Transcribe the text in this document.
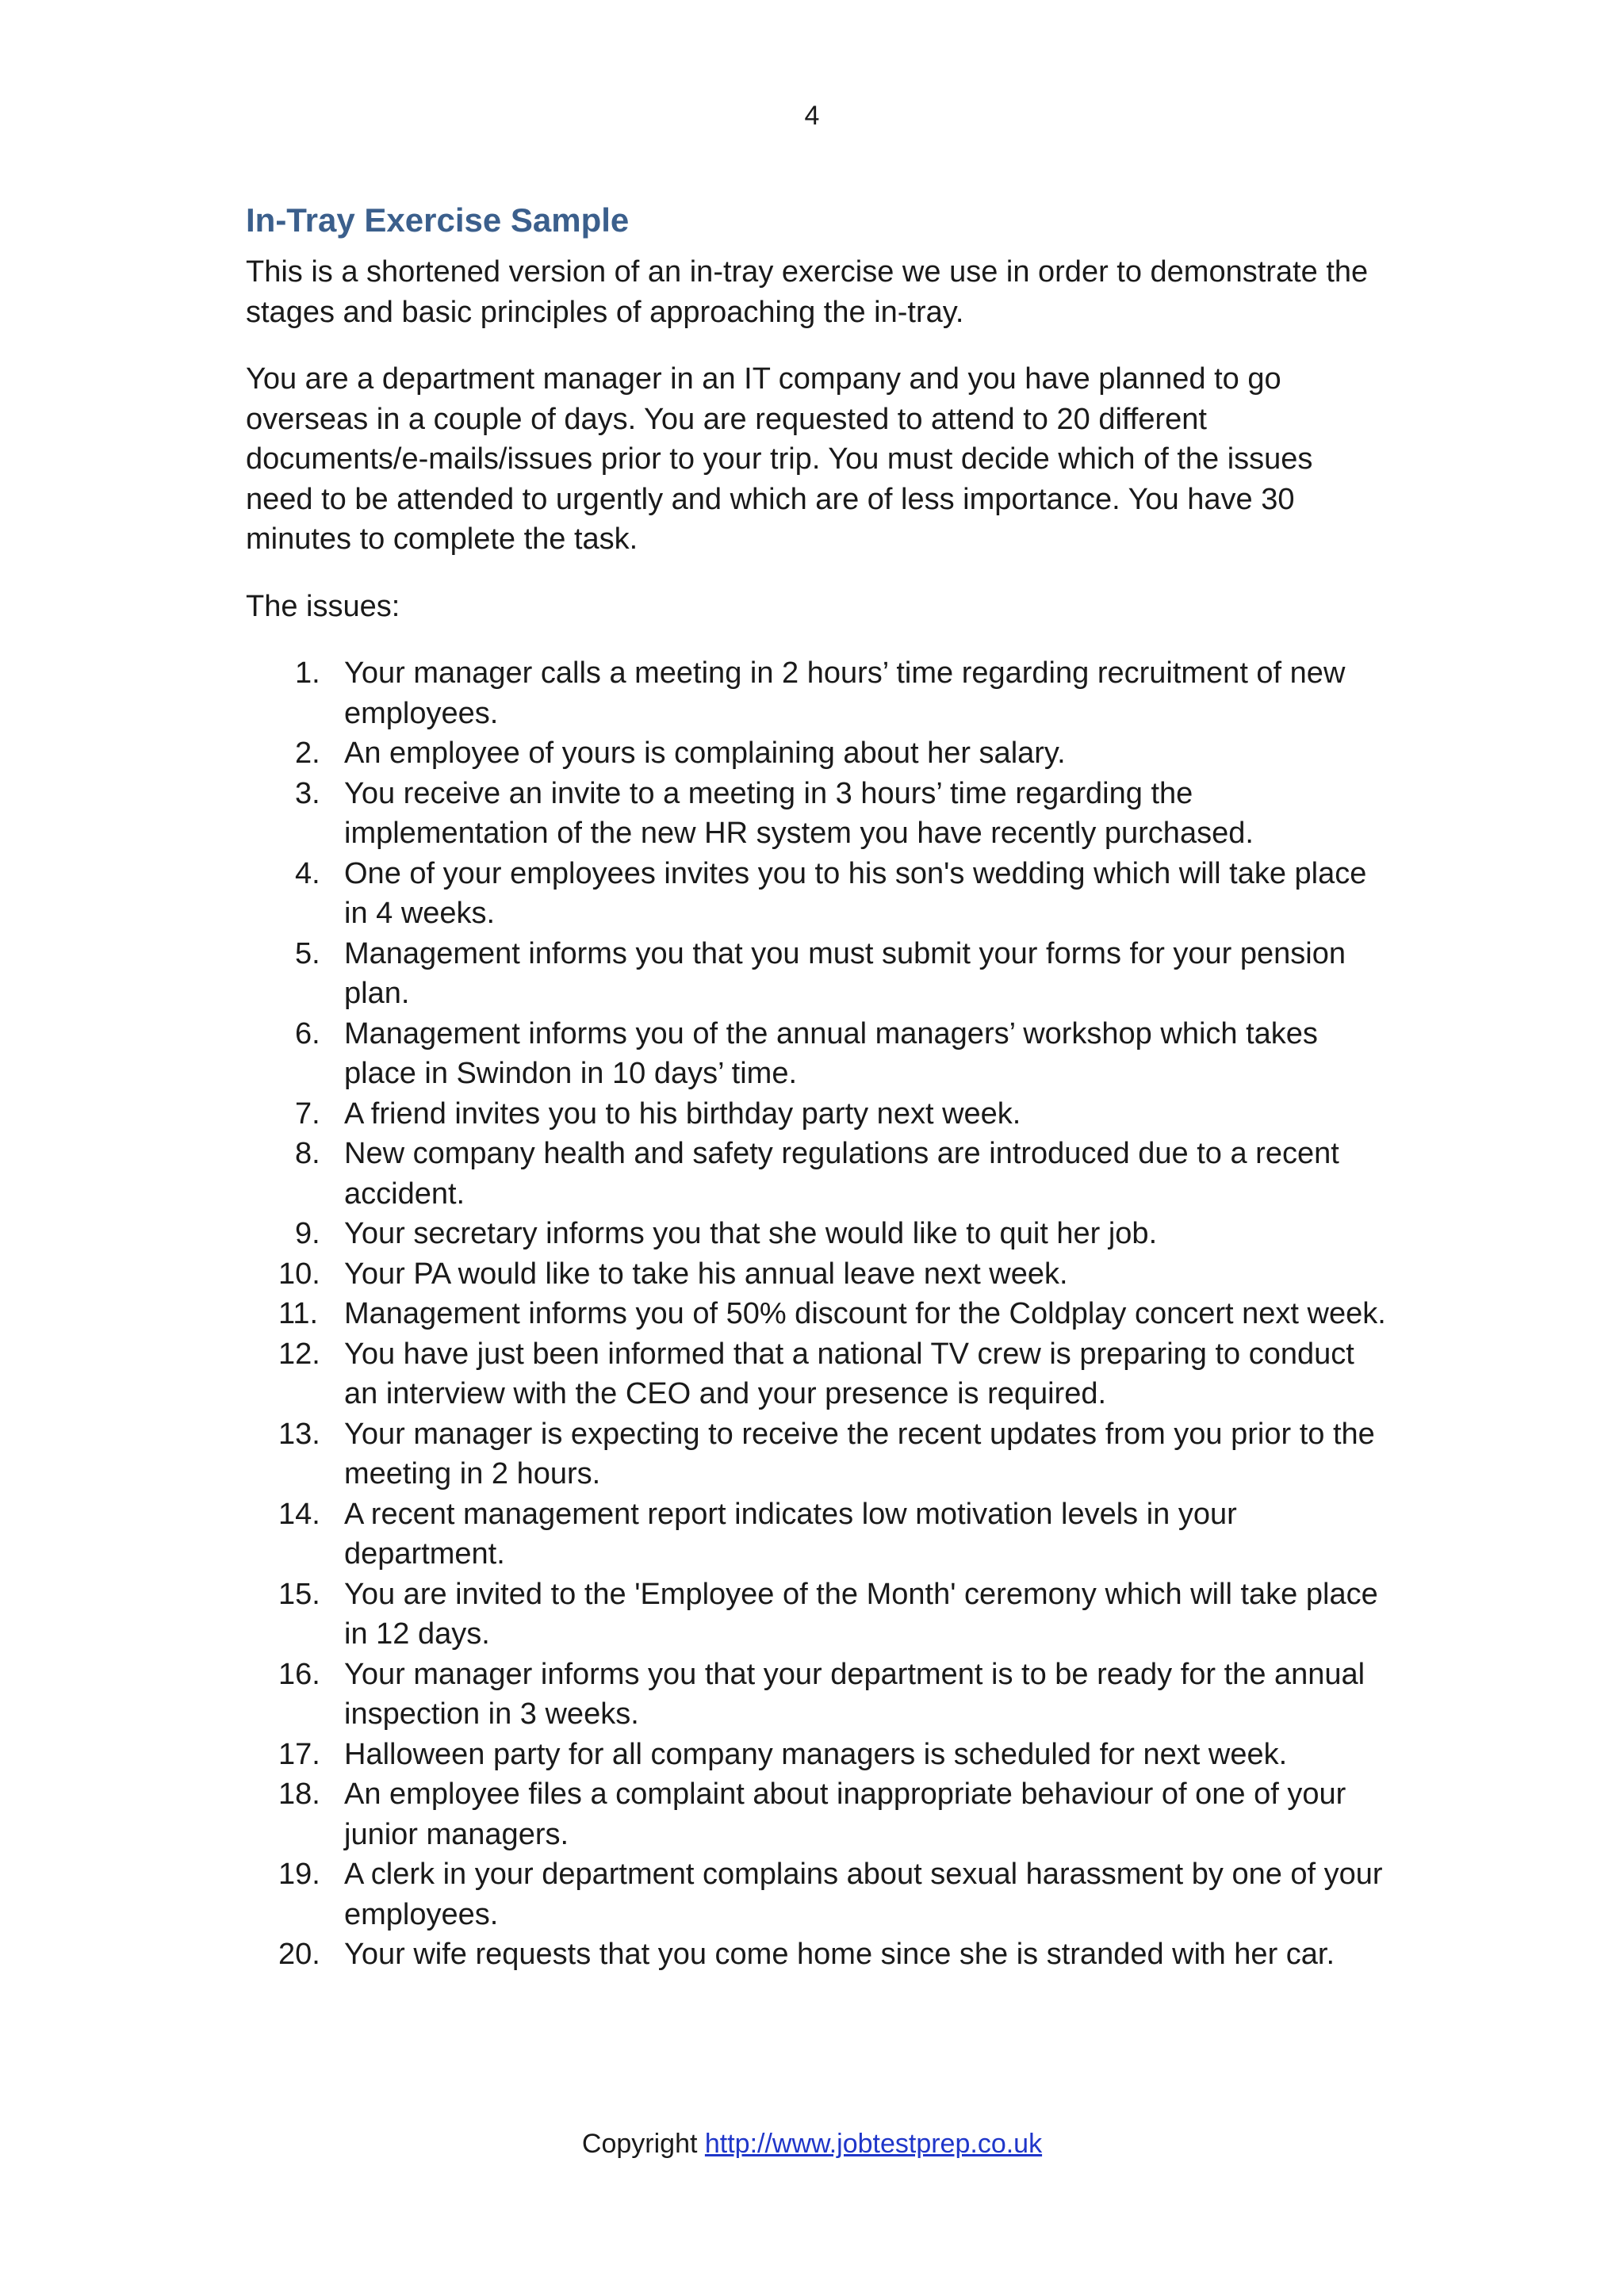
4
In-Tray Exercise Sample

This is a shortened version of an in-tray exercise we use in order to demonstrate the stages and basic principles of approaching the in-tray.

You are a department manager in an IT company and you have planned to go overseas in a couple of days. You are requested to attend to 20 different documents/e-mails/issues prior to your trip. You must decide which of the issues need to be attended to urgently and which are of less importance. You have 30 minutes to complete the task.

The issues:

1. Your manager calls a meeting in 2 hours’ time regarding recruitment of new employees.
2. An employee of yours is complaining about her salary.
3. You receive an invite to a meeting in 3 hours’ time regarding the implementation of the new HR system you have recently purchased.
4. One of your employees invites you to his son's wedding which will take place in 4 weeks.
5. Management informs you that you must submit your forms for your pension plan.
6. Management informs you of the annual managers’ workshop which takes place in Swindon in 10 days’ time.
7. A friend invites you to his birthday party next week.
8. New company health and safety regulations are introduced due to a recent accident.
9. Your secretary informs you that she would like to quit her job.
10. Your PA would like to take his annual leave next week.
11. Management informs you of 50% discount for the Coldplay concert next week.
12. You have just been informed that a national TV crew is preparing to conduct an interview with the CEO and your presence is required.
13. Your manager is expecting to receive the recent updates from you prior to the meeting in 2 hours.
14. A recent management report indicates low motivation levels in your department.
15. You are invited to the 'Employee of the Month' ceremony which will take place in 12 days.
16. Your manager informs you that your department is to be ready for the annual inspection in 3 weeks.
17. Halloween party for all company managers is scheduled for next week.
18. An employee files a complaint about inappropriate behaviour of one of your junior managers.
19. A clerk in your department complains about sexual harassment by one of your employees.
20. Your wife requests that you come home since she is stranded with her car.
Copyright http://www.jobtestprep.co.uk
